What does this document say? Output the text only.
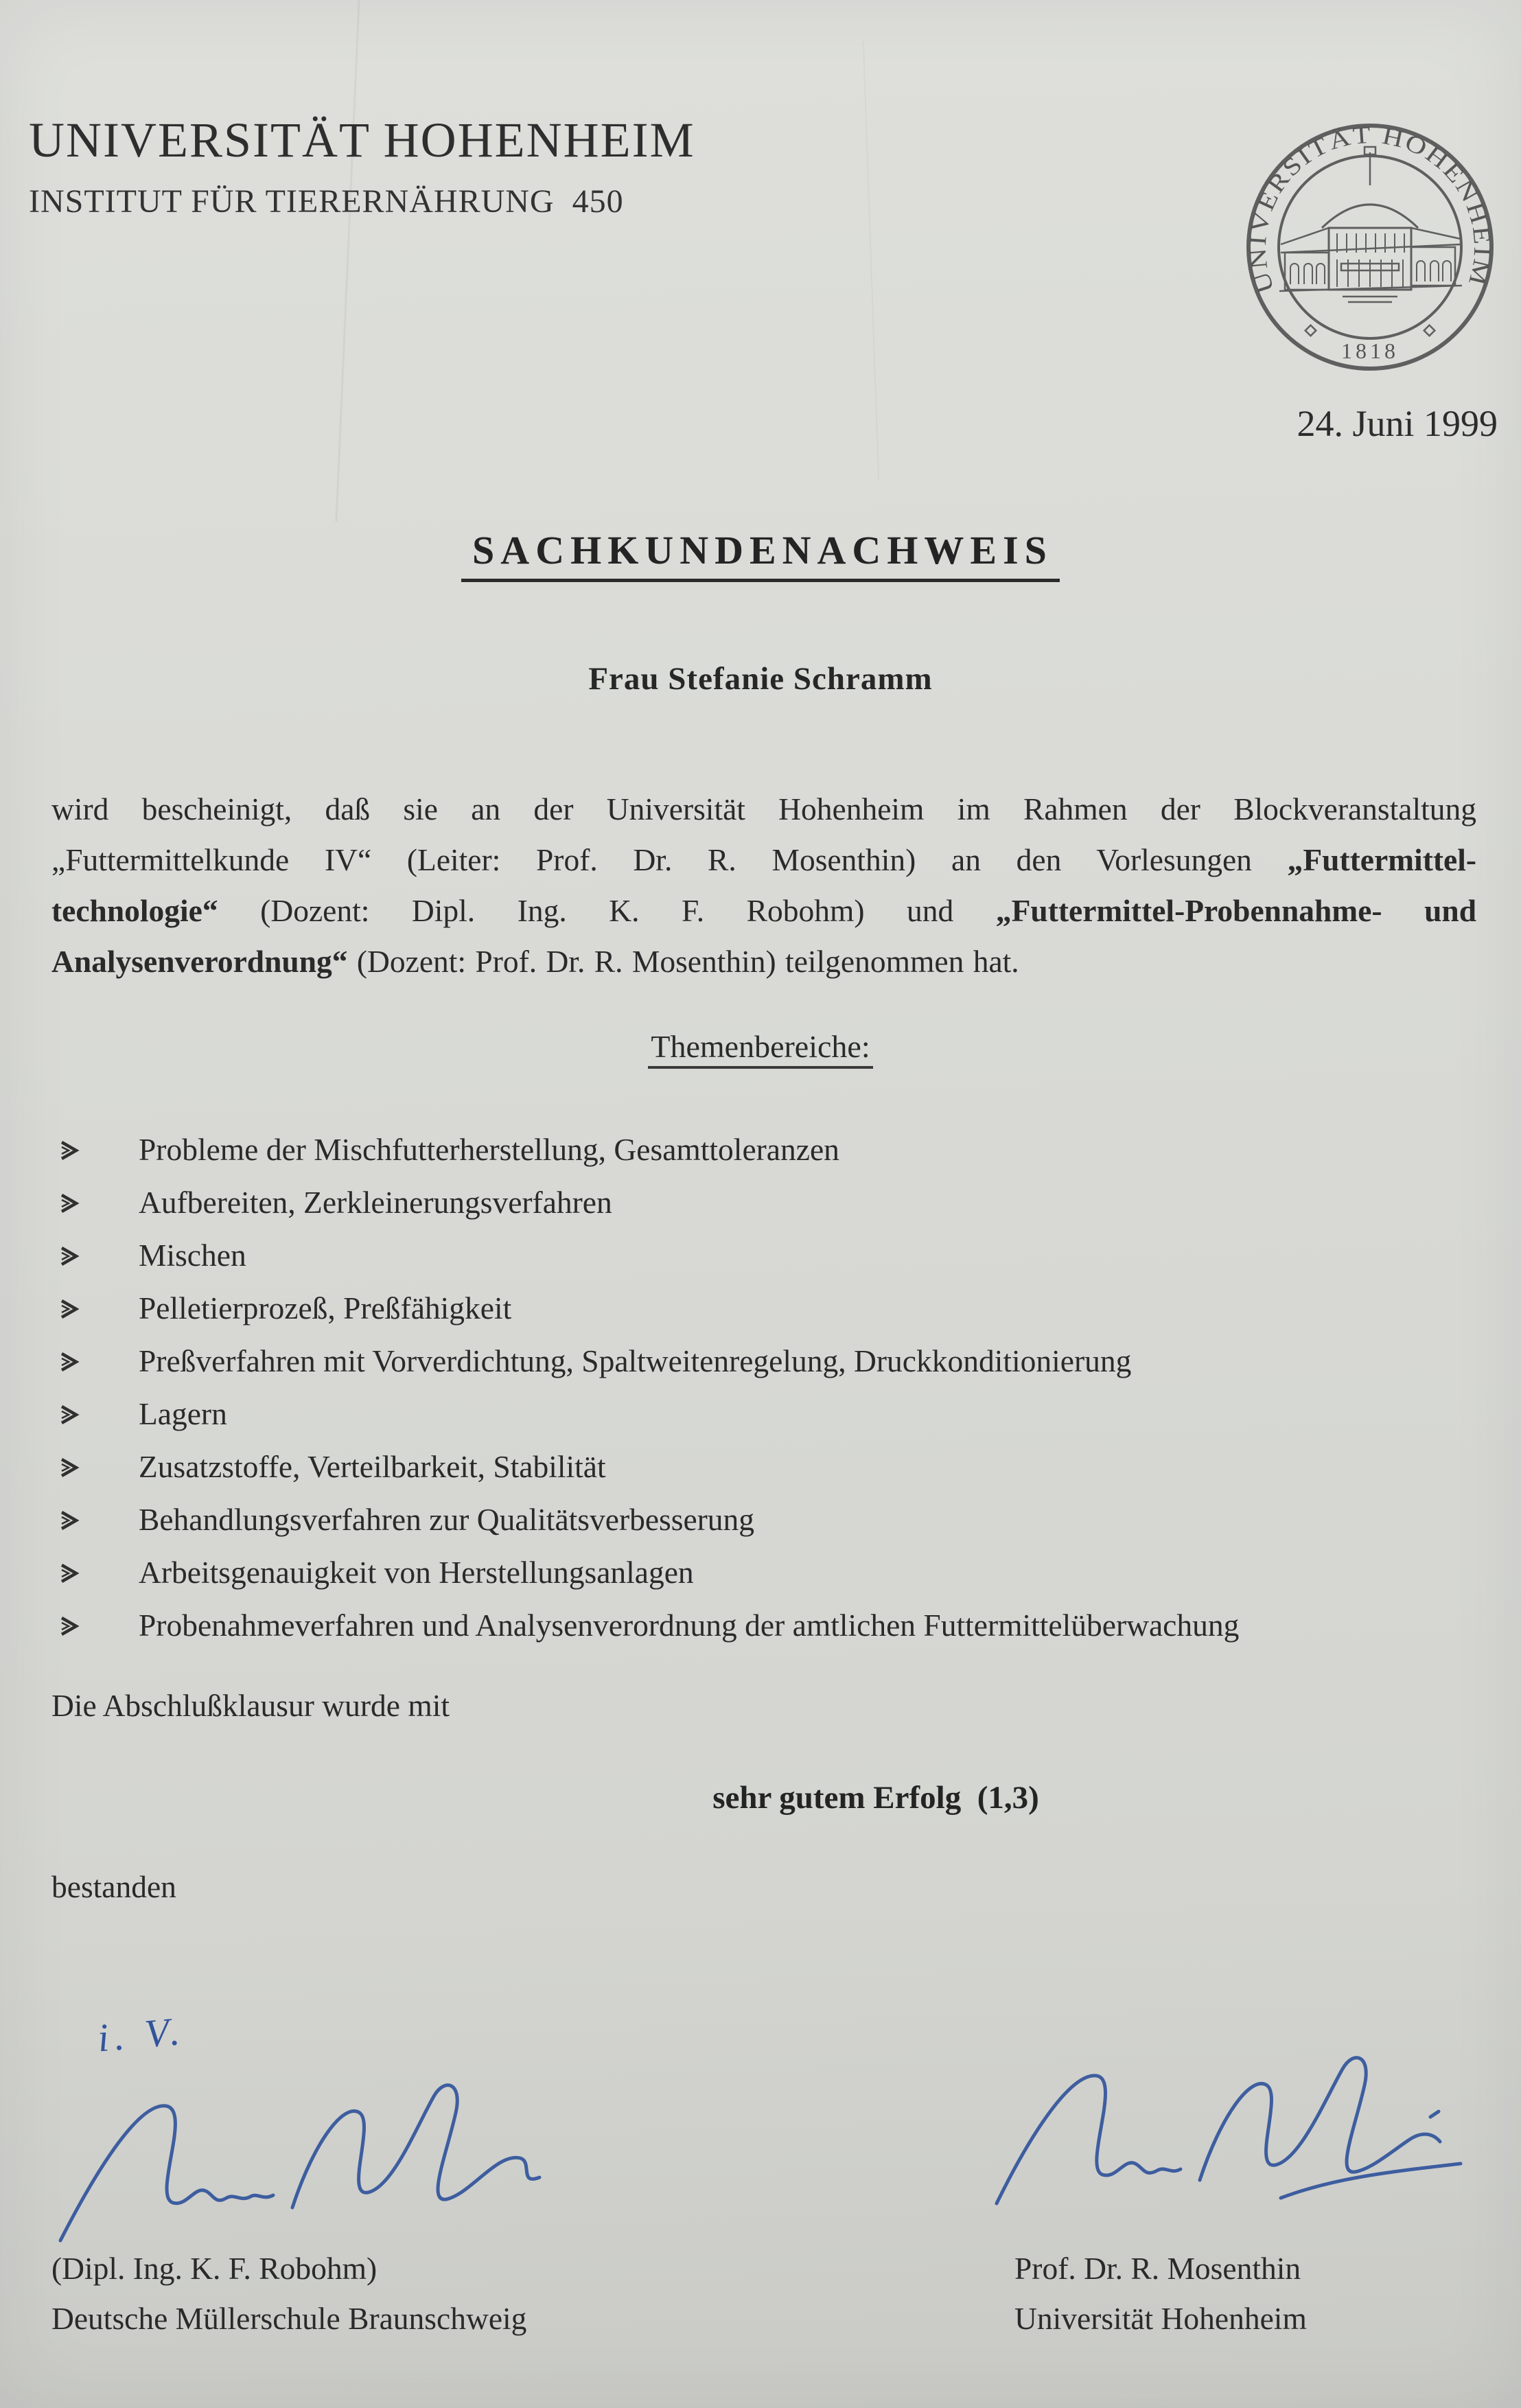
UNIVERSITÄT HOHENHEIM
INSTITUT FÜR TIERERNÄHRUNG  450
UNIVERSITÄT HOHENHEIM
1818
24. Juni 1999
SACHKUNDENACHWEIS
Frau Stefanie Schramm
wird bescheinigt, daß sie an der Universität Hohenheim im Rahmen der Blockveranstaltung
„Futtermittelkunde IV“ (Leiter: Prof. Dr. R. Mosenthin) an den Vorlesungen „Futtermittel-
technologie“ (Dozent: Dipl. Ing. K. F. Robohm) und „Futtermittel-Probennahme- und
Analysenverordnung“ (Dozent: Prof. Dr. R. Mosenthin) teilgenommen hat.
Themenbereiche:
Probleme der Mischfutterherstellung, Gesamttoleranzen
Aufbereiten, Zerkleinerungsverfahren
Mischen
Pelletierprozeß, Preßfähigkeit
Preßverfahren mit Vorverdichtung, Spaltweitenregelung, Druckkonditionierung
Lagern
Zusatzstoffe, Verteilbarkeit, Stabilität
Behandlungsverfahren zur Qualitätsverbesserung
Arbeitsgenauigkeit von Herstellungsanlagen
Probenahmeverfahren und Analysenverordnung der amtlichen Futtermittelüberwachung
Die Abschlußklausur wurde mit
sehr gutem Erfolg  (1,3)
bestanden
i. V.
(Dipl. Ing. K. F. Robohm)
Deutsche Müllerschule Braunschweig
Prof. Dr. R. Mosenthin
Universität Hohenheim
